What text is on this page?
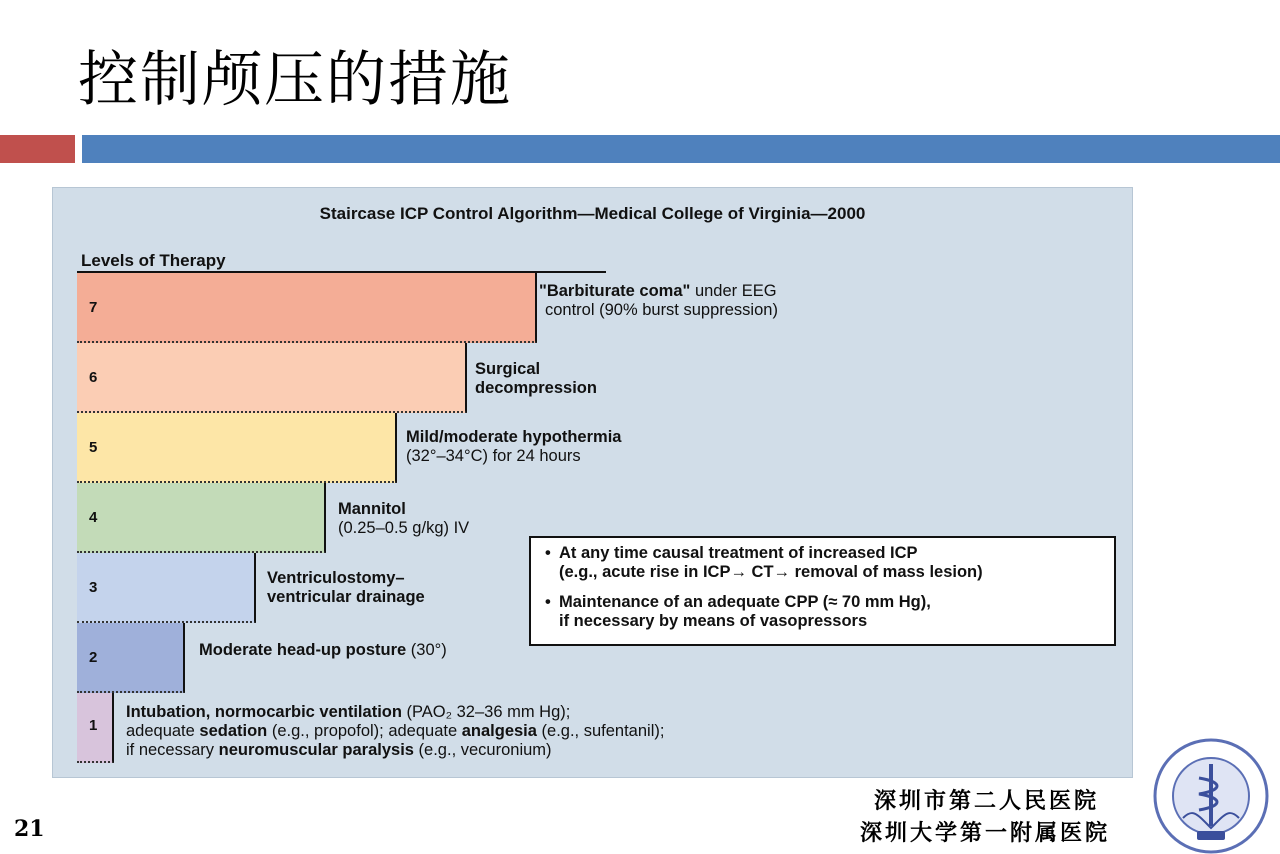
控制颅压的措施
Staircase ICP Control Algorithm—Medical College of Virginia—2000
Levels of Therapy
7
6
5
4
3
2
1
"Barbiturate coma" under EEG
control (90% burst suppression)
Surgical
decompression
Mild/moderate hypothermia
(32°–34°C) for 24 hours
Mannitol
(0.25–0.5 g/kg) IV
Ventriculostomy–
ventricular drainage
Moderate head-up posture (30°)
Intubation, normocarbic ventilation (PAO₂ 32–36 mm Hg);
adequate sedation (e.g., propofol); adequate analgesia (e.g., sufentanil);
if necessary neuromuscular paralysis (e.g., vecuronium)
• At any time causal treatment of increased ICP
(e.g., acute rise in ICP→ CT→ removal of mass lesion)
• Maintenance of an adequate CPP (≈ 70 mm Hg),
if necessary by means of vasopressors
21
深圳市第二人民医院
深圳大学第一附属医院
